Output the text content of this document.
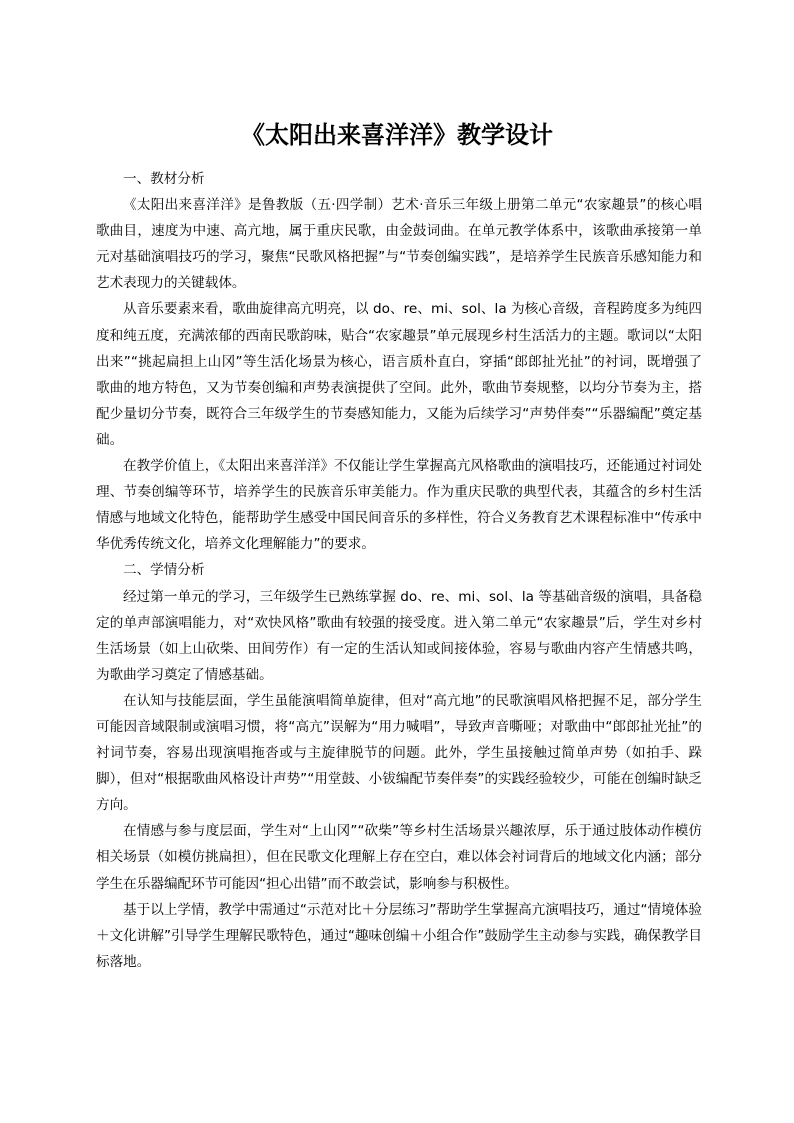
《太阳出来喜洋洋》教学设计

一、教材分析

《太阳出来喜洋洋》是鲁教版（五·四学制）艺术·音乐三年级上册第二单元“农家趣景”的核心唱歌曲目，速度为中速、高亢地，属于重庆民歌，由金鼓词曲。在单元教学体系中，该歌曲承接第一单元对基础演唱技巧的学习，聚焦“民歌风格把握”与“节奏创编实践”，是培养学生民族音乐感知能力和艺术表现力的关键载体。

从音乐要素来看，歌曲旋律高亢明亮，以 do、re、mi、sol、la 为核心音级，音程跨度多为纯四度和纯五度，充满浓郁的西南民歌韵味，贴合“农家趣景”单元展现乡村生活活力的主题。歌词以“太阳出来”“挑起扁担上山冈”等生活化场景为核心，语言质朴直白，穿插“郎郎扯光扯”的衬词，既增强了歌曲的地方特色，又为节奏创编和声势表演提供了空间。此外，歌曲节奏规整，以均分节奏为主，搭配少量切分节奏，既符合三年级学生的节奏感知能力，又能为后续学习“声势伴奏”“乐器编配”奠定基础。

在教学价值上，《太阳出来喜洋洋》不仅能让学生掌握高亢风格歌曲的演唱技巧，还能通过衬词处理、节奏创编等环节，培养学生的民族音乐审美能力。作为重庆民歌的典型代表，其蕴含的乡村生活情感与地域文化特色，能帮助学生感受中国民间音乐的多样性，符合义务教育艺术课程标准中“传承中华优秀传统文化，培养文化理解能力”的要求。

二、学情分析

经过第一单元的学习，三年级学生已熟练掌握 do、re、mi、sol、la 等基础音级的演唱，具备稳定的单声部演唱能力，对“欢快风格”歌曲有较强的接受度。进入第二单元“农家趣景”后，学生对乡村生活场景（如上山砍柴、田间劳作）有一定的生活认知或间接体验，容易与歌曲内容产生情感共鸣，为歌曲学习奠定了情感基础。

在认知与技能层面，学生虽能演唱简单旋律，但对“高亢地”的民歌演唱风格把握不足，部分学生可能因音域限制或演唱习惯，将“高亢”误解为“用力喊唱”，导致声音嘶哑；对歌曲中“郎郎扯光扯”的衬词节奏，容易出现演唱拖沓或与主旋律脱节的问题。此外，学生虽接触过简单声势（如拍手、跺脚），但对“根据歌曲风格设计声势”“用堂鼓、小钹编配节奏伴奏”的实践经验较少，可能在创编时缺乏方向。

在情感与参与度层面，学生对“上山冈”“砍柴”等乡村生活场景兴趣浓厚，乐于通过肢体动作模仿相关场景（如模仿挑扁担），但在民歌文化理解上存在空白，难以体会衬词背后的地域文化内涵；部分学生在乐器编配环节可能因“担心出错”而不敢尝试，影响参与积极性。

基于以上学情，教学中需通过“示范对比＋分层练习”帮助学生掌握高亢演唱技巧，通过“情境体验＋文化讲解”引导学生理解民歌特色，通过“趣味创编＋小组合作”鼓励学生主动参与实践，确保教学目标落地。
